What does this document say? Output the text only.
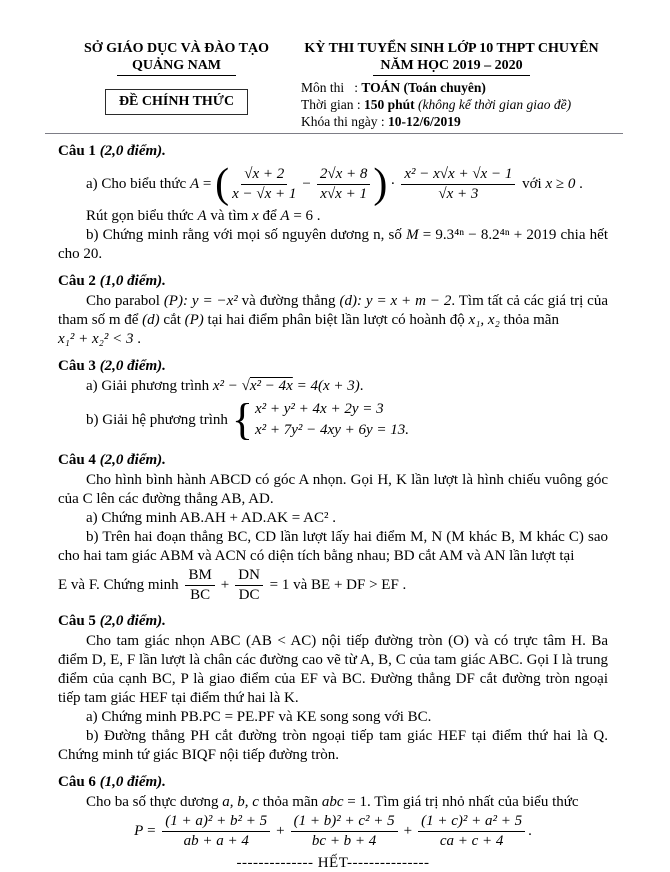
SỞ GIÁO DỤC VÀ ĐÀO TẠO
QUẢNG NAM
ĐỀ CHÍNH THỨC
KỲ THI TUYỂN SINH LỚP 10 THPT CHUYÊN
NĂM HỌC 2019 – 2020
Môn thi   : TOÁN (Toán chuyên)
Thời gian : 150 phút (không kể thời gian giao đề)
Khóa thi ngày : 10-12/6/2019
Câu 1 (2,0 điểm).
a) Cho biểu thức A = ( $\frac{√x + 2}{x - √x + 1} - \frac{2√x + 8}{x√x + 1}$ ) · $\frac{\text{x² − x√x + √x − 1}}{√x + 3}$ với x ≥ 0 .

Rút gọn biểu thức A và tìm x để A = 6 .

b) Chứng minh rằng với mọi số nguyên dương n, số M = 9.3⁴ⁿ − 8.2⁴ⁿ + 2019 chia hết cho 20.

Câu 2 (1,0 điểm).

Cho parabol (P): y = −x² và đường thẳng (d): y = x + m − 2. Tìm tất cả các giá trị của tham số m để (d) cắt (P) tại hai điểm phân biệt lần lượt có hoành độ x₁, x₂ thỏa mãn

x₁² + x₂² < 3 .

Câu 3 (2,0 điểm).

a) Giải phương trình x² − √x² − 4x = 4(x + 3).

b) Giải hệ phương trình { x² + y² + 4x + 2y = 3
x² + 7y² − 4xy + 6y = 13.
Câu 4 (2,0 điểm).

Cho hình bình hành ABCD có góc A nhọn. Gọi H, K lần lượt là hình chiếu vuông góc của C lên các đường thẳng AB, AD.

a) Chứng minh AB.AH + AD.AK = AC² .

b) Trên hai đoạn thẳng BC, CD lần lượt lấy hai điểm M, N (M khác B, M khác C) sao cho hai tam giác ABM và ACN có diện tích bằng nhau; BD cắt AM và AN lần lượt tại

E và F. Chứng minh $\frac{BM}{BC} + \frac{DN}{DC} = 1$ và BE + DF > EF .
Câu 5 (2,0 điểm).

Cho tam giác nhọn ABC (AB < AC) nội tiếp đường tròn (O) và có trực tâm H. Ba điểm D, E, F lần lượt là chân các đường cao vẽ từ A, B, C của tam giác ABC. Gọi I là trung điểm của cạnh BC, P là giao điểm của EF và BC. Đường thẳng DF cắt đường tròn ngoại tiếp tam giác HEF tại điểm thứ hai là K.

a) Chứng minh PB.PC = PE.PF và KE song song với BC.

b) Đường thẳng PH cắt đường tròn ngoại tiếp tam giác HEF tại điểm thứ hai là Q. Chứng minh tứ giác BIQF nội tiếp đường tròn.

Câu 6 (1,0 điểm).

Cho ba số thực dương a, b, c thỏa mãn abc = 1. Tìm giá trị nhỏ nhất của biểu thức

$P = \frac{\text{(1 + a)² + b² + 5}}{ab + a + 4} + \frac{\text{(1 + b)² + c² + 5}}{bc + b + 4} + \frac{\text{(1 + c)² + a² + 5}}{ca + c + 4}$ .
-------------- HẾT---------------
